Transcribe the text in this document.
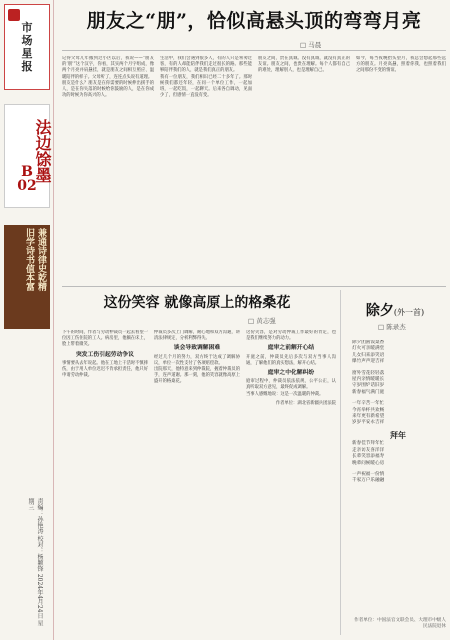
市
场
星
报
法边馀墨
B
02
兼通诗律史乾精
旧学诗书值本富
责编：孙艳涛 校对：杨颖锋 2024年4月24日 星期三
朋友之“朋”，恰似高悬头顶的弯弯月亮
□ 马晨

记得父母几年搬到过小区以后，我说——“朋友的‘朋’”这个汉字，你看，其实两个月字组成，像两个月亮并肩悬挂，就是朋友之间相互照应、温暖陪伴的样子。父母听了，连连点头说有道理。

朋友是什么？朋友是在你需要的时候伸出援手的人，是在你失落的时候给你鼓励的人，是在你成功的时候为你高兴的人。

生活中，我们会遇到很多人，有的人只是匆匆过客，有的人却能陪伴我们走过很长的路。那些能够陪伴我们的人，就是我们真正的朋友。

我有一位朋友，我们相识已经二十多年了。那时候我们都还年轻，在同一个单位工作，一起加班，一起吃饭，一起聊天。后来各自调动，见面少了，但感情一直没有变。

朋友之间，贵在真诚。没有真诚，就没有真正的友谊。朋友之间，也贵在理解。每个人都有自己的难处，理解别人，也是理解自己。

如今，每当夜晚抬头望月，我总会想起那些远方的朋友。月亮高悬，照着你我，也照着我们之间那份不变的情谊。

这份笑容 就像高原上的格桑花
□ 黄志强

下午的时间，作者与劳动仲裁员一起去看望一位因工伤住院的工人。病房里，他躺在床上，脸上带着微笑。

突发工伤引起劳动争议

事情要从去年说起。他在工地上干活时不慎摔伤，由于用人单位迟迟不肯承担责任，他只好申请劳动仲裁。

仲裁员多次上门调解，耐心地和双方沟通，讲清法律规定，分析利弊得失。

谈会导致调解困难

经过几个月的努力，双方终于达成了调解协议，单位一次性支付了各项赔偿款。

出院那天，他特意来到仲裁院，握着仲裁员的手，连声道谢。那一刻，他的笑容就像高原上盛开的格桑花。

这份笑容，是对劳动仲裁工作最好的肯定，也是我们继续努力的动力。

庭审之前解开心结

开庭之前，仲裁员先后多次与双方当事人沟通，了解他们的真实想法，解开心结。

庭审之中化解纠纷

庭审过程中，仲裁员依法依规、公平公正，认真听取双方意见，最终促成调解。

当事人感慨地说：这是一次温暖的仲裁。

作者单位：湖北省新疆兵团法院

除夕(外一首)
□ 陈录杰
除夕团圆饭桌香
灯火可亲暖满堂
儿女归来添笑语
爆竹声声迎吉祥
窗外雪花轻轻落
屋内亲情暖暖长
守岁围炉话旧岁
新春福气满门庭
一年辛苦一年忙
今宵举杯共欢畅
来年更有新希望
岁岁平安永吉祥
拜年
新春佳节拜年忙
走亲访友喜洋洋
长辈笑容添福寿
晚辈问候暖心房
一声祝福一份情
千家万户乐融融
作者单位：中国法官文联会员、大理市中级人民法院退休
